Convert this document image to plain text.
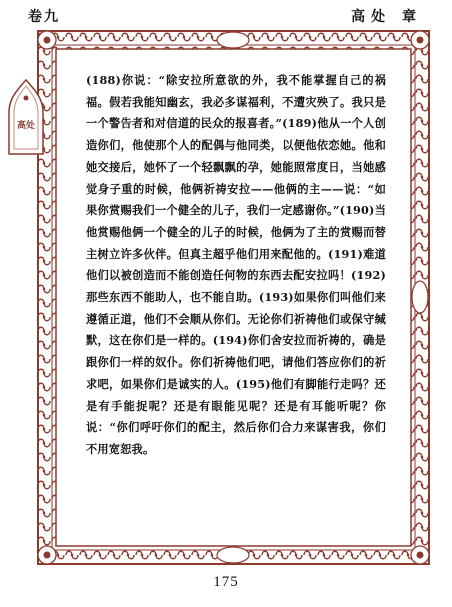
卷九	高处 章
高处

(188)你说：“除安拉所意欲的外，我不能掌握自己的祸福。假若我能知幽玄，我必多谋福利，不遭灾殃了。我只是一个警告者和对信道的民众的报喜者。”(189)他从一个人创造你们，他使那个人的配偶与他同类，以便他依恋她。他和她交接后，她怀了一个轻飘飘的孕，她能照常度日，当她感觉身子重的时候，他俩祈祷安拉——他俩的主——说：“如果你赏赐我们一个健全的儿子，我们一定感谢你。”(190)当他赏赐他俩一个健全的儿子的时候，他俩为了主的赏赐而替主树立许多伙伴。但真主超乎他们用来配他的。(191)难道他们以被创造而不能创造任何物的东西去配安拉吗！(192)那些东西不能助人，也不能自助。(193)如果你们叫他们来遵循正道，他们不会顺从你们。无论你们祈祷他们或保守缄默，这在你们是一样的。(194)你们舍安拉而祈祷的，确是跟你们一样的奴仆。你们祈祷他们吧，请他们答应你们的祈求吧，如果你们是诚实的人。(195)他们有脚能行走吗？还是有手能捉呢？还是有眼能见呢？还是有耳能听呢？你说：“你们呼吁你们的配主，然后你们合力来谋害我，你们不用宽恕我。

175
